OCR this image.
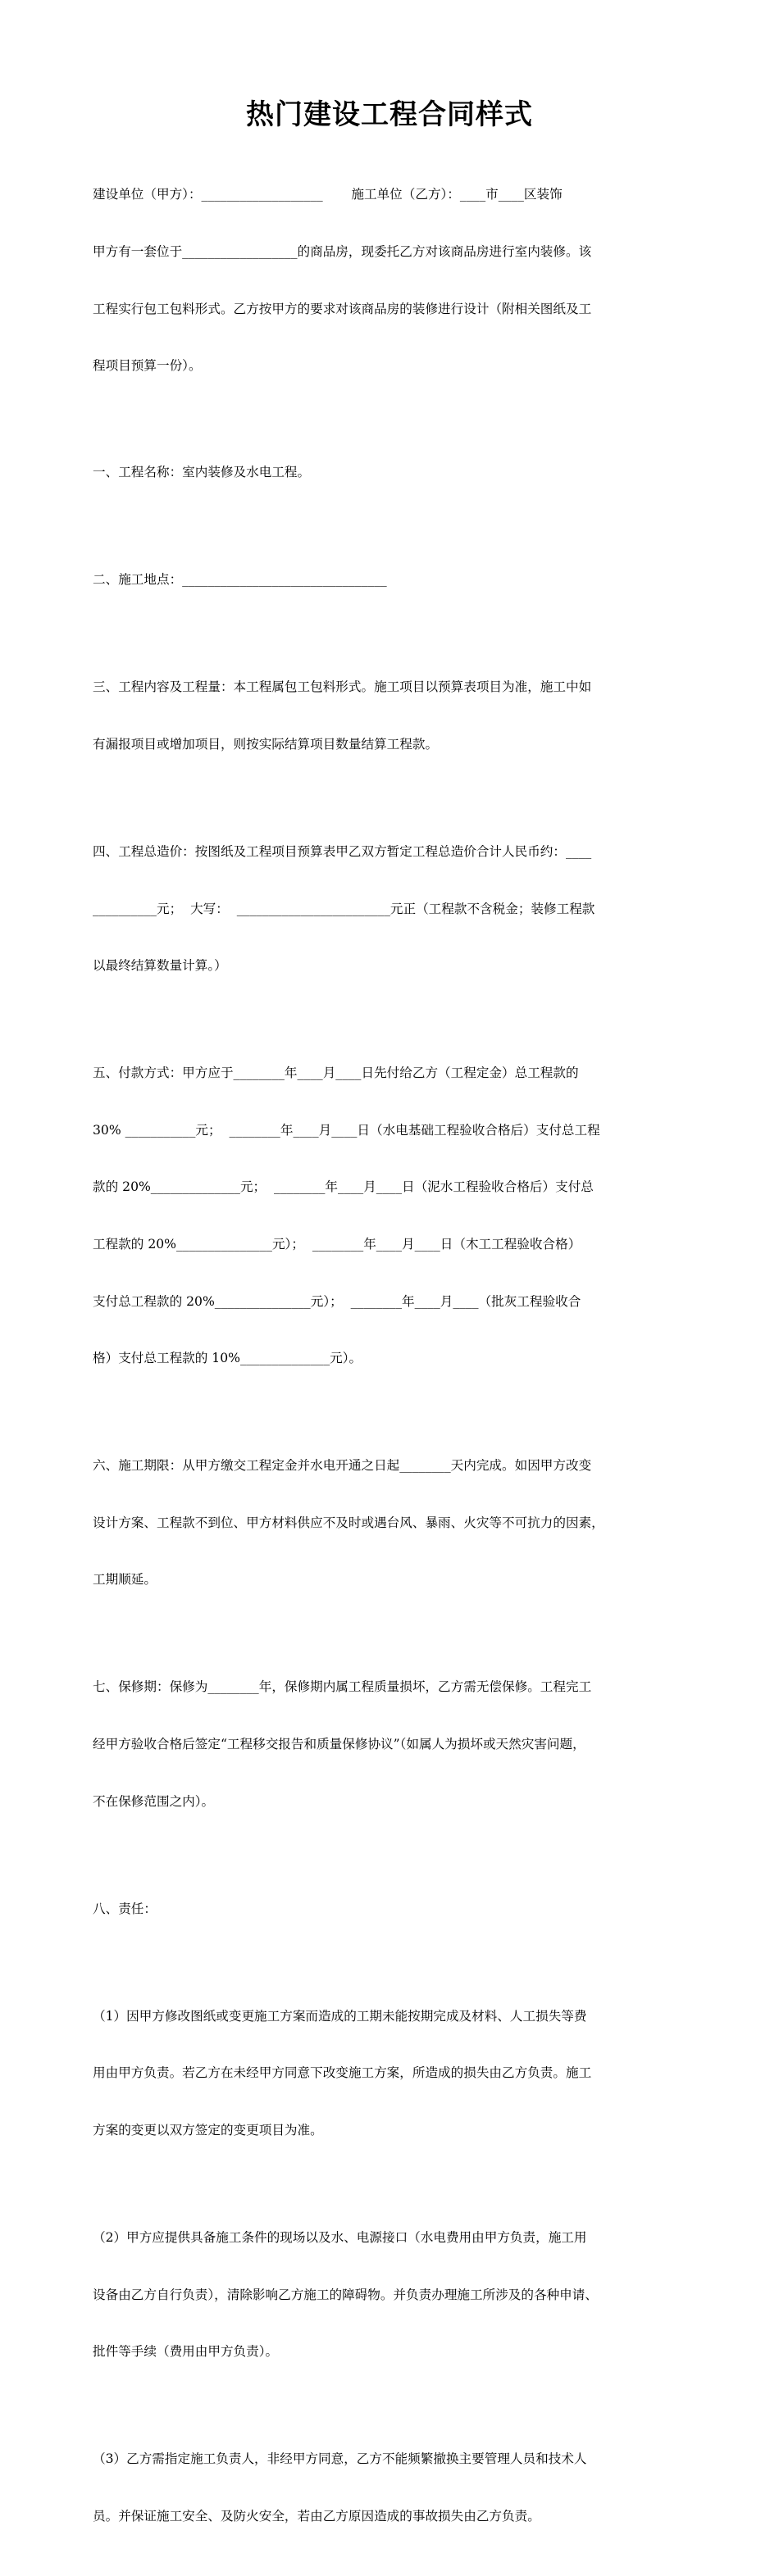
热门建设工程合同样式

建设单位（甲方）：___________________       施工单位（乙方）：____市____区装饰

甲方有一套位于__________________的商品房，现委托乙方对该商品房进行室内装修。该

工程实行包工包料形式。乙方按甲方的要求对该商品房的装修进行设计（附相关图纸及工

程项目预算一份）。

一、工程名称：室内装修及水电工程。

二、施工地点：________________________________

三、工程内容及工程量：本工程属包工包料形式。施工项目以预算表项目为准，施工中如

有漏报项目或增加项目，则按实际结算项目数量结算工程款。

四、工程总造价：按图纸及工程项目预算表甲乙双方暂定工程总造价合计人民币约：____

__________元；  大写：  ________________________元正（工程款不含税金；装修工程款

以最终结算数量计算。）

五、付款方式：甲方应于________年____月____日先付给乙方（工程定金）总工程款的

30% ___________元；  ________年____月____日（水电基础工程验收合格后）支付总工程

款的 20%______________元；  ________年____月____日（泥水工程验收合格后）支付总

工程款的 20%_______________元）；  ________年____月____日（木工工程验收合格）

支付总工程款的 20%_______________元）；  ________年____月____（批灰工程验收合

格）支付总工程款的 10%______________元）。

六、施工期限：从甲方缴交工程定金并水电开通之日起________天内完成。如因甲方改变

设计方案、工程款不到位、甲方材料供应不及时或遇台风、暴雨、火灾等不可抗力的因素，

工期顺延。

七、保修期：保修为________年，保修期内属工程质量损坏，乙方需无偿保修。工程完工

经甲方验收合格后签定“工程移交报告和质量保修协议”（如属人为损坏或天然灾害问题，

不在保修范围之内）。

八、责任：

（1）因甲方修改图纸或变更施工方案而造成的工期未能按期完成及材料、人工损失等费

用由甲方负责。若乙方在未经甲方同意下改变施工方案，所造成的损失由乙方负责。施工

方案的变更以双方签定的变更项目为准。

（2）甲方应提供具备施工条件的现场以及水、电源接口（水电费用由甲方负责，施工用

设备由乙方自行负责），清除影响乙方施工的障碍物。并负责办理施工所涉及的各种申请、

批件等手续（费用由甲方负责）。

（3）乙方需指定施工负责人，非经甲方同意，乙方不能频繁撤换主要管理人员和技术人

员。并保证施工安全、及防火安全，若由乙方原因造成的事故损失由乙方负责。
